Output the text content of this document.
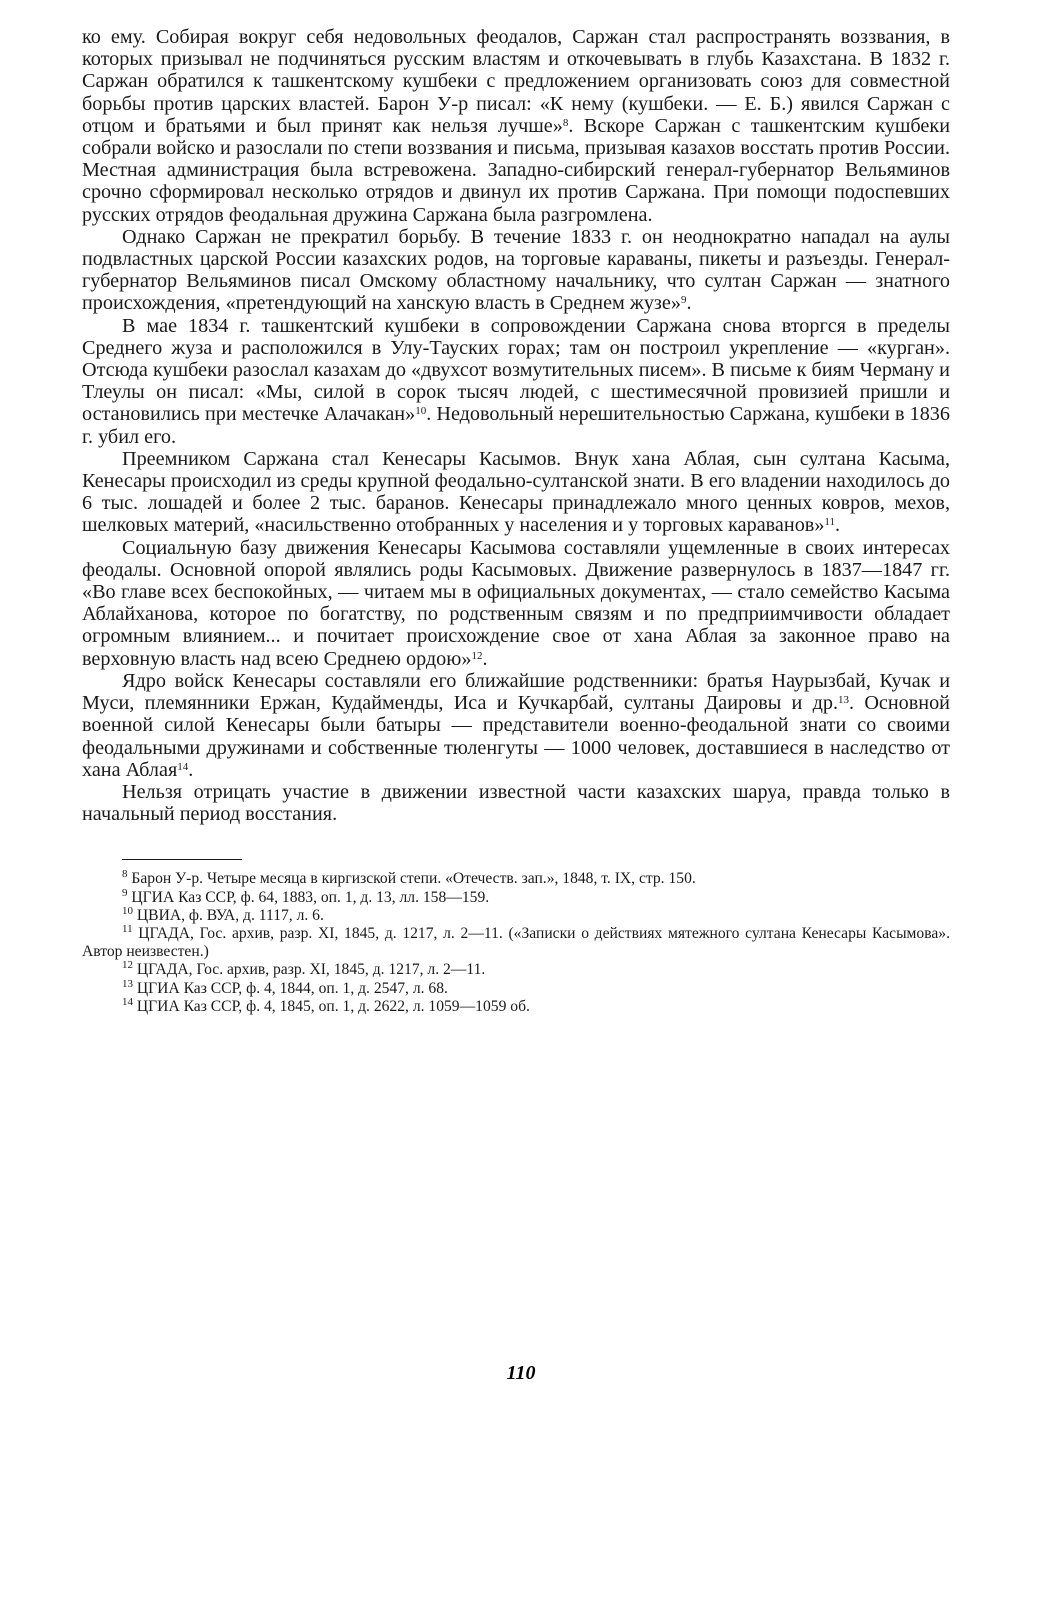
ко ему. Собирая вокруг себя недовольных феодалов, Саржан стал распространять воззвания, в которых призывал не подчиняться русским властям и откочевывать в глубь Казахстана. В 1832 г. Саржан обратился к ташкентскому кушбеки с предложением организовать союз для совместной борьбы против царских властей. Барон У-р писал: «К нему (кушбеки. — Е. Б.) явился Саржан с отцом и братьями и был принят как нельзя лучше»$^8$. Вскоре Саржан с ташкентским кушбеки собрали войско и разослали по степи воззвания и письма, призывая казахов восстать против России. Местная администрация была встревожена. Западно-сибирский генерал-губернатор Вельяминов срочно сформировал несколько отрядов и двинул их против Саржана. При помощи подоспевших русских отрядов феодальная дружина Саржана была разгромлена.

Однако Саржан не прекратил борьбу. В течение 1833 г. он неоднократно нападал на аулы подвластных царской России казахских родов, на торговые караваны, пикеты и разъезды. Генерал-губернатор Вельяминов писал Омскому областному начальнику, что султан Саржан — знатного происхождения, «претендующий на ханскую власть в Среднем жузе»$^9$.

В мае 1834 г. ташкентский кушбеки в сопровождении Саржана снова вторгся в пределы Среднего жуза и расположился в Улу-Тауских горах; там он построил укрепление — «курган». Отсюда кушбеки разослал казахам до «двухсот возмутительных писем». В письме к биям Черману и Тлеулы он писал: «Мы, силой в сорок тысяч людей, с шестимесячной провизией пришли и остановились при местечке Алачакан»$^{10}$. Недовольный нерешительностью Саржана, кушбеки в 1836 г. убил его.

Преемником Саржана стал Кенесары Касымов. Внук хана Аблая, сын султана Касыма, Кенесары происходил из среды крупной феодально-султанской знати. В его владении находилось до 6 тыс. лошадей и более 2 тыс. баранов. Кенесары принадлежало много ценных ковров, мехов, шелковых материй, «насильственно отобранных у населения и у торговых караванов»$^{11}$.

Социальную базу движения Кенесары Касымова составляли ущемленные в своих интересах феодалы. Основной опорой являлись роды Касымовых. Движение развернулось в 1837—1847 гг. «Во главе всех беспокойных, — читаем мы в официальных документах, — стало семейство Касыма Аблайханова, которое по богатству, по родственным связям и по предприимчивости обладает огромным влиянием... и почитает происхождение свое от хана Аблая за законное право на верховную власть над всею Среднею ордою»$^{12}$.

Ядро войск Кенесары составляли его ближайшие родственники: братья Наурызбай, Кучак и Муси, племянники Ержан, Кудайменды, Иса и Кучкарбай, султаны Даировы и др.$^{13}$. Основной военной силой Кенесары были батыры — представители военно-феодальной знати со своими феодальными дружинами и собственные тюленгуты — 1000 человек, доставшиеся в наследство от хана Аблая$^{14}$.

Нельзя отрицать участие в движении известной части казахских шаруа, правда только в начальный период восстания.

$^8$ Барон У-р. Четыре месяца в киргизской степи. «Отечеств. зап.», 1848, т. IX, стр. 150.

$^9$ ЦГИА Каз ССР, ф. 64, 1883, оп. 1, д. 13, лл. 158—159.

$^{10}$ ЦВИА, ф. ВУА, д. 1117, л. 6.

$^{11}$ ЦГАДА, Гос. архив, разр. XI, 1845, д. 1217, л. 2—11. («Записки о действиях мятежного султана Кенесары Касымова». Автор неизвестен.)

$^{12}$ ЦГАДА, Гос. архив, разр. XI, 1845, д. 1217, л. 2—11.

$^{13}$ ЦГИА Каз ССР, ф. 4, 1844, оп. 1, д. 2547, л. 68.

$^{14}$ ЦГИА Каз ССР, ф. 4, 1845, оп. 1, д. 2622, л. 1059—1059 об.

110
